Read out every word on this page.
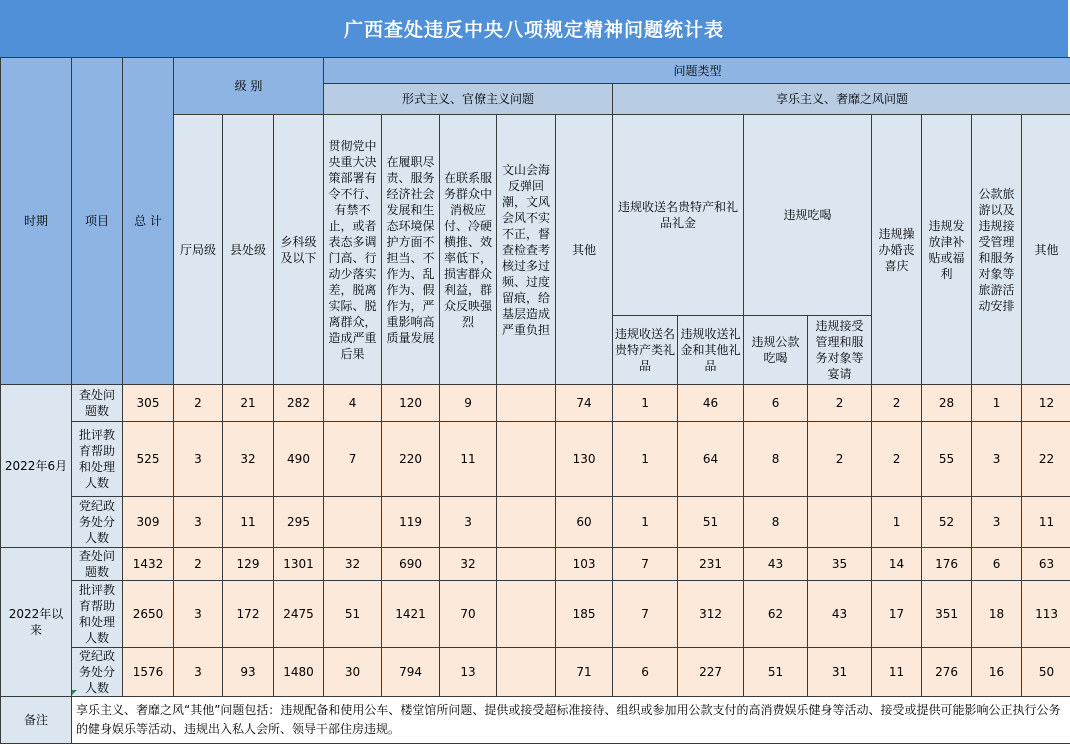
广西查处违反中央八项规定精神问题统计表
时期	项目	总 计	级 别			问题类型												
						形式主义、官僚主义问题					享乐主义、奢靡之风问题							
			厅局级	县处级	乡科级及以下	贯彻党中央重大决策部署有令不行、有禁不止，或者表态多调门高、行动少落实差，脱离实际、脱离群众，造成严重后果	在履职尽责、服务经济社会发展和生态环境保护方面不担当、不作为、乱作为、假作为，严重影响高质量发展	在联系服务群众中消极应付、冷硬横推、效率低下，损害群众利益，群众反映强烈	文山会海反弹回潮，文风会风不实不正，督查检查考核过多过频、过度留痕，给基层造成严重负担	其他	违规收送名贵特产和礼品礼金		违规吃喝		违规操办婚丧喜庆	违规发放津补贴或福利	公款旅游以及违规接受管理和服务对象等旅游活动安排	其他

											违规收送名贵特产类礼品	违规收送礼金和其他礼品	违规公款吃喝	违规接受管理和服务对象等宴请				
2022年6月	查处问题数	305	2	21	282	4	120	9		74	1	46	6	2	2	28	1	12
	批评教育帮助和处理人数	525	3	32	490	7	220	11		130	1	64	8	2	2	55	3	22
	党纪政务处分人数	309	3	11	295		119	3		60	1	51	8		1	52	3	11
2022年以来	查处问题数	1432	2	129	1301	32	690	32		103	7	231	43	35	14	176	6	63
	批评教育帮助和处理人数	2650	3	172	2475	51	1421	70		185	7	312	62	43	17	351	18	113
	党纪政务处分人数	1576	3	93	1480	30	794	13		71	6	227	51	31	11	276	16	50
备注	享乐主义、奢靡之风“其他”问题包括：违规配备和使用公车、楼堂馆所问题、提供或接受超标准接待、组织或参加用公款支付的高消费娱乐健身等活动、接受或提供可能影响公正执行公务的健身娱乐等活动、违规出入私人会所、领导干部住房违规。																	
